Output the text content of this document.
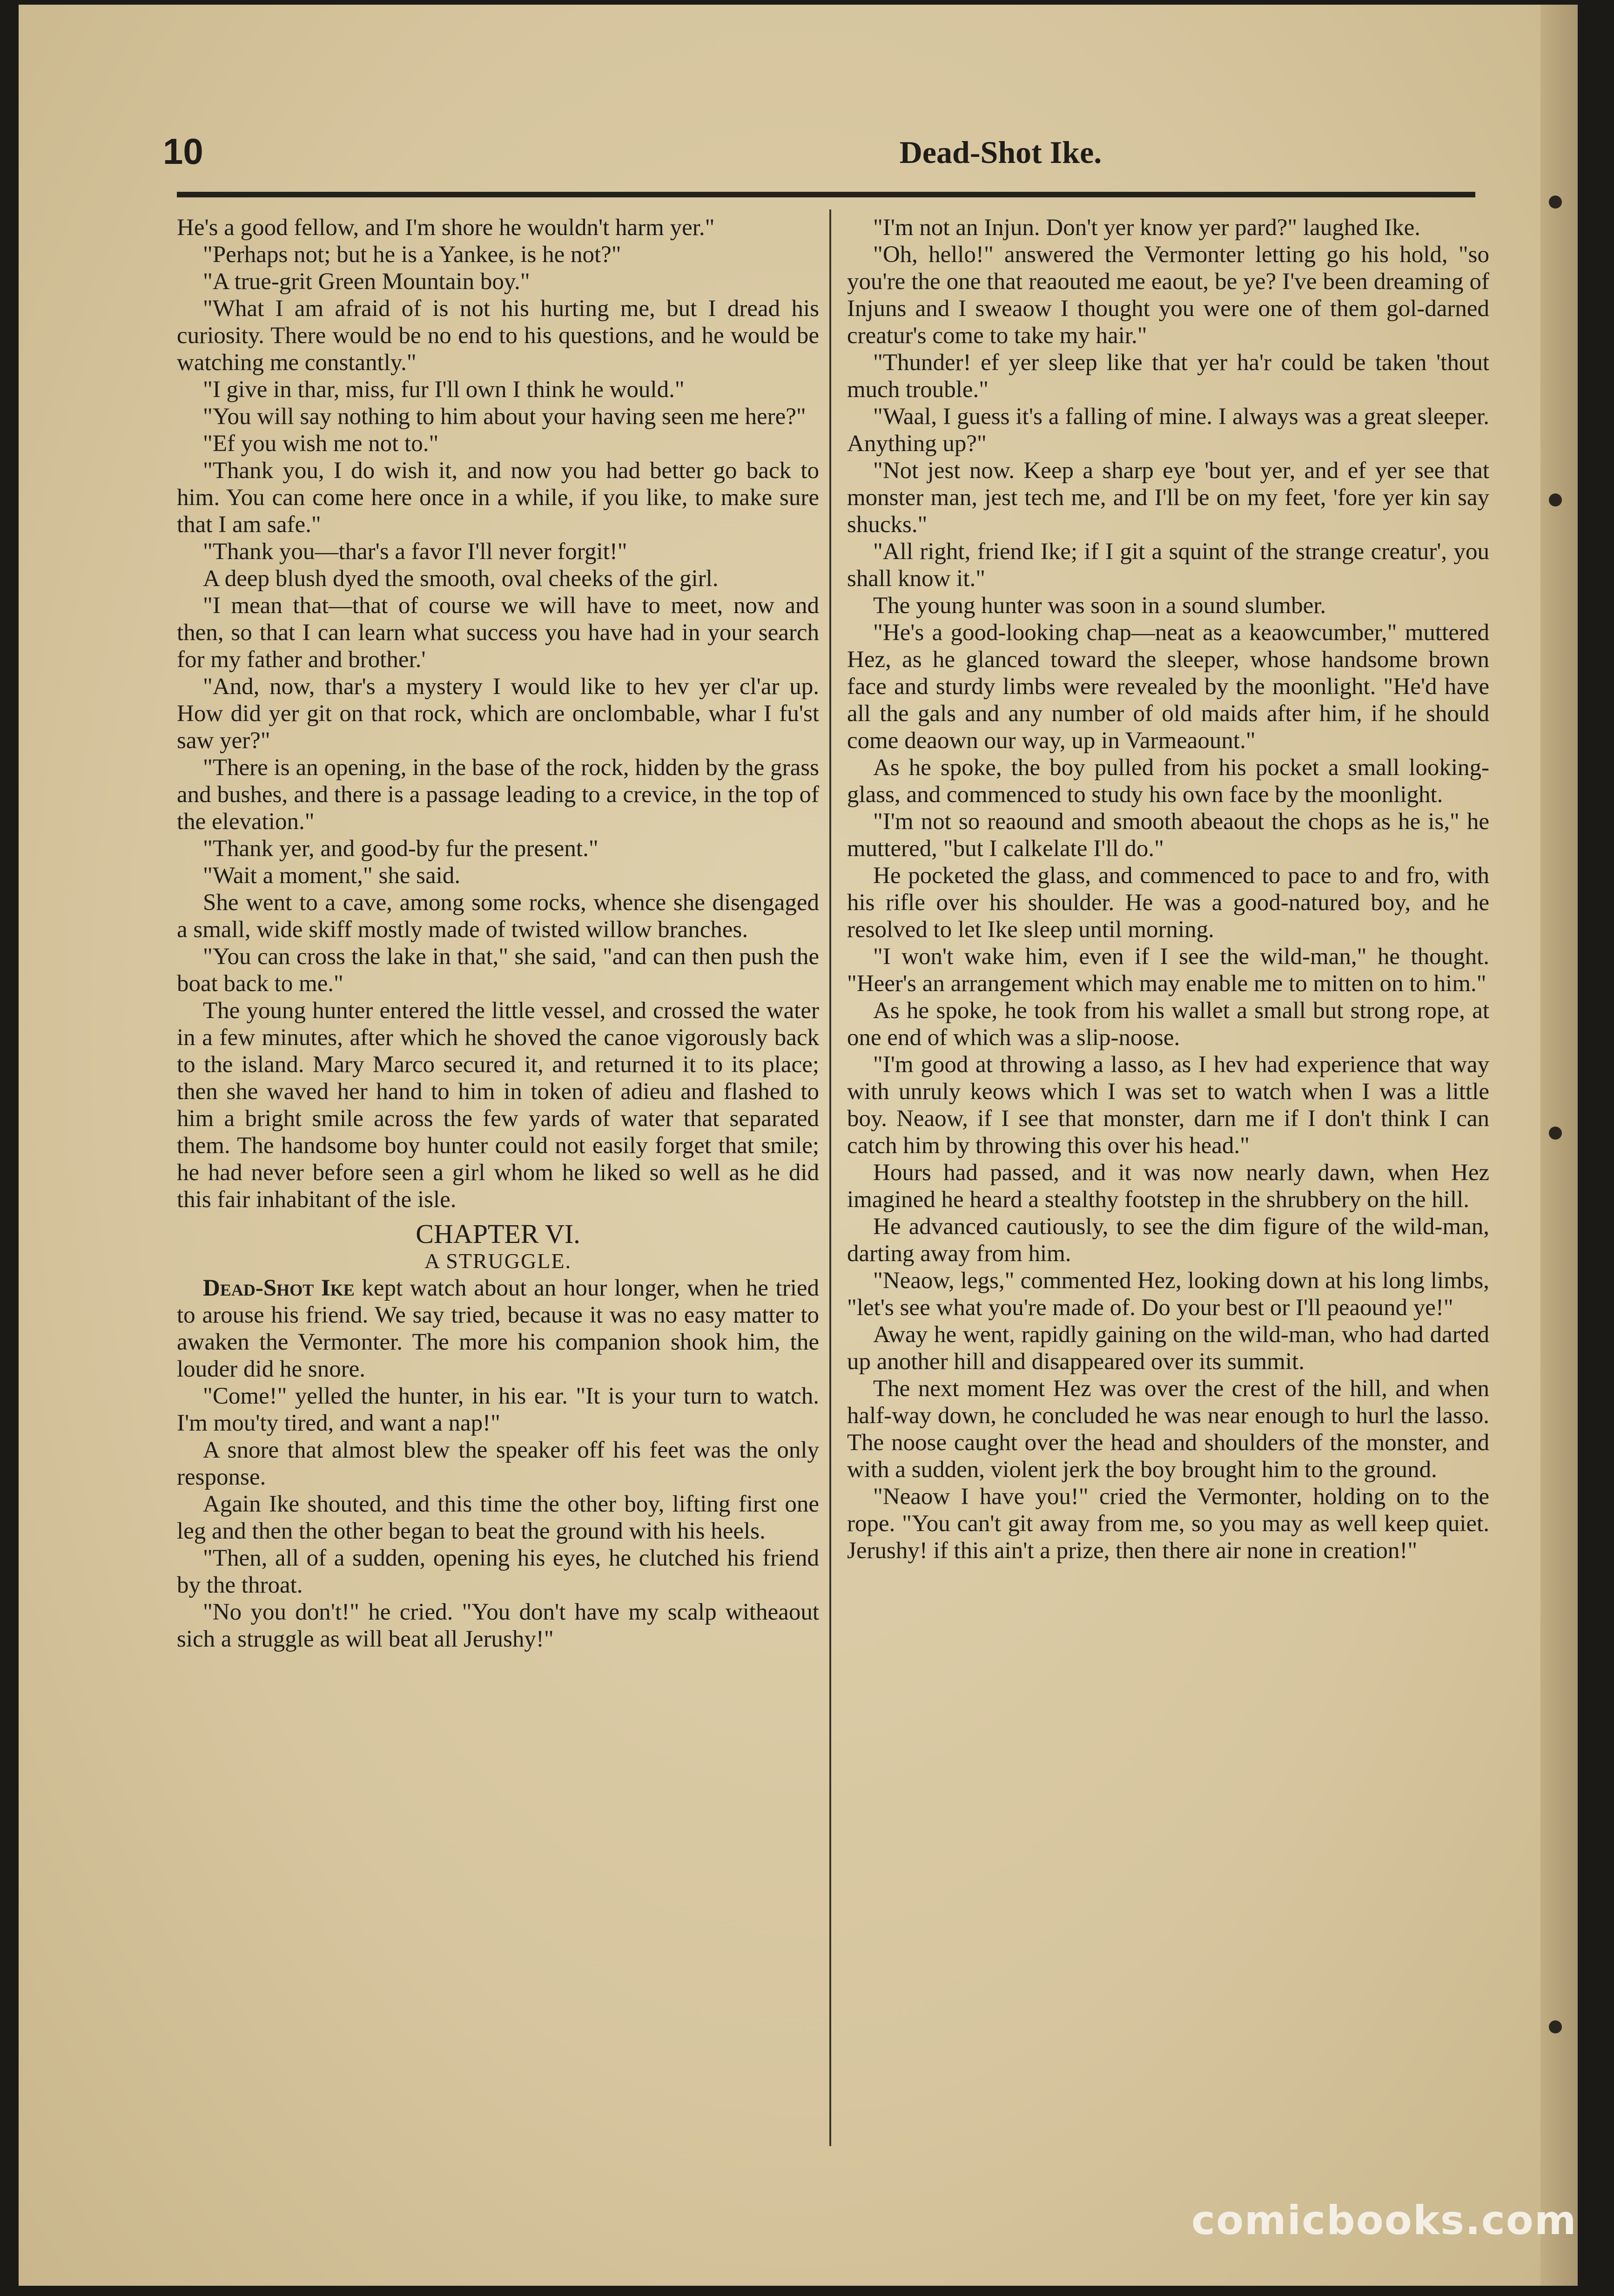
10	Dead-Shot Ike.

He's a good fellow, and I'm shore he wouldn't harm yer."

"Perhaps not; but he is a Yankee, is he not?"

"A true-grit Green Mountain boy."

"What I am afraid of is not his hurting me, but I dread his curiosity. There would be no end to his questions, and he would be watching me constantly."

"I give in thar, miss, fur I'll own I think he would."

"You will say nothing to him about your having seen me here?"

"Ef you wish me not to."

"Thank you, I do wish it, and now you had better go back to him. You can come here once in a while, if you like, to make sure that I am safe."

"Thank you—thar's a favor I'll never forgit!"

A deep blush dyed the smooth, oval cheeks of the girl.

"I mean that—that of course we will have to meet, now and then, so that I can learn what success you have had in your search for my father and brother.'

"And, now, thar's a mystery I would like to hev yer cl'ar up. How did yer git on that rock, which are onclombable, whar I fu'st saw yer?"

"There is an opening, in the base of the rock, hidden by the grass and bushes, and there is a passage leading to a crevice, in the top of the elevation."

"Thank yer, and good-by fur the present."

"Wait a moment," she said.

She went to a cave, among some rocks, whence she disengaged a small, wide skiff mostly made of twisted willow branches.

"You can cross the lake in that," she said, "and can then push the boat back to me."

The young hunter entered the little vessel, and crossed the water in a few minutes, after which he shoved the canoe vigorously back to the island. Mary Marco secured it, and returned it to its place; then she waved her hand to him in token of adieu and flashed to him a bright smile across the few yards of water that separated them. The handsome boy hunter could not easily forget that smile; he had never before seen a girl whom he liked so well as he did this fair inhabitant of the isle.

CHAPTER VI.

A STRUGGLE.

Dead-Shot Ike kept watch about an hour longer, when he tried to arouse his friend. We say tried, because it was no easy matter to awaken the Vermonter. The more his companion shook him, the louder did he snore.

"Come!" yelled the hunter, in his ear. "It is your turn to watch. I'm mou'ty tired, and want a nap!"

A snore that almost blew the speaker off his feet was the only response.

Again Ike shouted, and this time the other boy, lifting first one leg and then the other began to beat the ground with his heels.

"Then, all of a sudden, opening his eyes, he clutched his friend by the throat.

"No you don't!" he cried. "You don't have my scalp witheaout sich a struggle as will beat all Jerushy!"

"I'm not an Injun. Don't yer know yer pard?" laughed Ike.

"Oh, hello!" answered the Vermonter letting go his hold, "so you're the one that reaouted me eaout, be ye? I've been dreaming of Injuns and I sweaow I thought you were one of them gol-darned creatur's come to take my hair."

"Thunder! ef yer sleep like that yer ha'r could be taken 'thout much trouble."

"Waal, I guess it's a falling of mine. I always was a great sleeper. Anything up?"

"Not jest now. Keep a sharp eye 'bout yer, and ef yer see that monster man, jest tech me, and I'll be on my feet, 'fore yer kin say shucks."

"All right, friend Ike; if I git a squint of the strange creatur', you shall know it."

The young hunter was soon in a sound slumber.

"He's a good-looking chap—neat as a keaowcumber," muttered Hez, as he glanced toward the sleeper, whose handsome brown face and sturdy limbs were revealed by the moonlight. "He'd have all the gals and any number of old maids after him, if he should come deaown our way, up in Varmeaount."

As he spoke, the boy pulled from his pocket a small looking-glass, and commenced to study his own face by the moonlight.

"I'm not so reaound and smooth abeaout the chops as he is," he muttered, "but I calkelate I'll do."

He pocketed the glass, and commenced to pace to and fro, with his rifle over his shoulder. He was a good-natured boy, and he resolved to let Ike sleep until morning.

"I won't wake him, even if I see the wild-man," he thought. "Heer's an arrangement which may enable me to mitten on to him."

As he spoke, he took from his wallet a small but strong rope, at one end of which was a slip-noose.

"I'm good at throwing a lasso, as I hev had experience that way with unruly keows which I was set to watch when I was a little boy. Neaow, if I see that monster, darn me if I don't think I can catch him by throwing this over his head."

Hours had passed, and it was now nearly dawn, when Hez imagined he heard a stealthy footstep in the shrubbery on the hill.

He advanced cautiously, to see the dim figure of the wild-man, darting away from him.

"Neaow, legs," commented Hez, looking down at his long limbs, "let's see what you're made of. Do your best or I'll peaound ye!"

Away he went, rapidly gaining on the wild-man, who had darted up another hill and disappeared over its summit.

The next moment Hez was over the crest of the hill, and when half-way down, he concluded he was near enough to hurl the lasso. The noose caught over the head and shoulders of the monster, and with a sudden, violent jerk the boy brought him to the ground.

"Neaow I have you!" cried the Vermonter, holding on to the rope. "You can't git away from me, so you may as well keep quiet. Jerushy! if this ain't a prize, then there air none in creation!"

comicbooks.com
